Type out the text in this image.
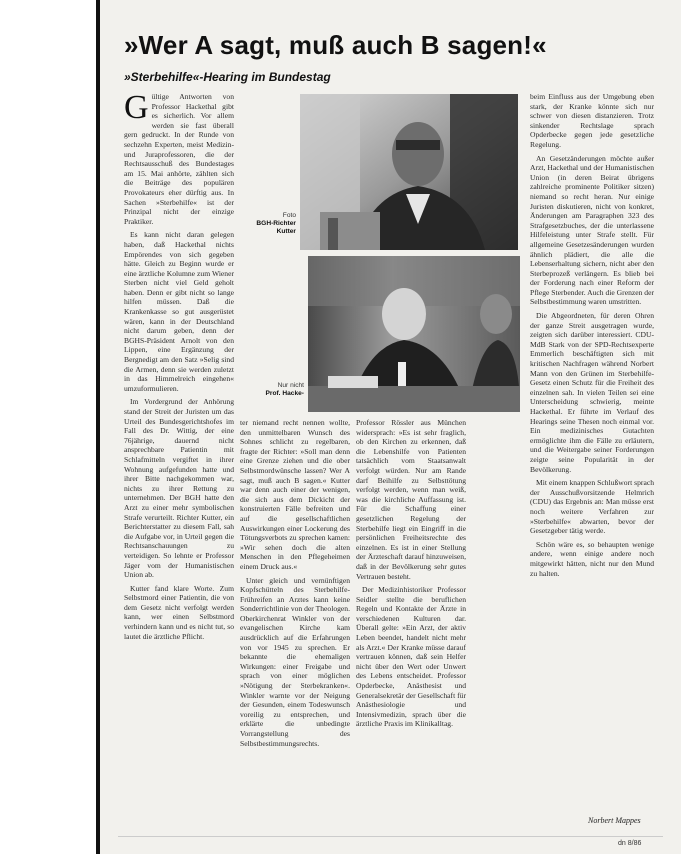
»Wer A sagt, muß auch B sagen!«
»Sterbehilfe«-Hearing im Bundestag

Gültige Antworten von Professor Hackethal gibt es sicherlich. Vor allem werden sie fast überall gern gedruckt. In der Runde von sechzehn Experten, meist Medizin- und Juraprofessoren, die der Rechtsausschuß des Bundestages am 15. Mai anhörte, zählten sich die Beiträge des populären Provokateurs eher dürftig aus. In Sachen »Sterbehilfe« ist der Prinzipal nicht der einzige Praktiker.

Es kann nicht daran gelegen haben, daß Hackethal nichts Empörendes von sich gegeben hätte. Gleich zu Beginn wurde er eine ärztliche Kolumne zum Wiener Sterben nicht viel Geld geholt haben. Denn er gibt nicht so lange hilfen müssen. Daß die Krankenkasse so gut ausgerüstet wären, kann in der Deutschland nicht darum geben, denn der BGHS-Präsident Arnolt von den Lippen, eine Ergänzung der Bergnedigt am den Satz »Selig sind die Armen, denn sie werden zuletzt in das Himmelreich eingehen« umzuformulieren.

Im Vordergrund der Anhörung stand der Streit der Juristen um das Urteil des Bundesgerichtshofes im Fall des Dr. Wittig, der eine 76jährige, dauernd nicht ansprechbare Patientin mit Schlafmitteln vergiftet in ihrer Wohnung aufgefunden hatte und ihrer Bitte nachgekommen war, nichts zu ihrer Rettung zu unternehmen. Der BGH hatte den Arzt zu einer mehr symbolischen Strafe verurteilt. Richter Kutter, ein Berichterstatter zu diesem Fall, sah die Aufgabe vor, in Urteil gegen die Rechtsanschauungen zu verteidigen. So lehnte er Professor Jäger vom der Humanistischen Union ab.

Kutter fand klare Worte. Zum Selbstmord einer Patientin, die von dem Gesetz nicht verfolgt werden kann, wer einen Selbstmord verhindern kann und es nicht tut, so lautet die ärztliche Pflicht.

Foto
BGH-Richter
Kutter
Nur nicht
Prof. Hacke-

ter niemand recht nennen wollte, den unmittelbaren Wunsch des Sohnes schlicht zu regelbaren, fragte der Richter: »Soll man denn eine Grenze ziehen und die ober Selbstmordwünsche lassen? Wer A sagt, muß auch B sagen.« Kutter war denn auch einer der wenigen, die sich aus dem Dickicht der konstruierten Fälle befreiten und auf die gesellschaftlichen Auswirkungen einer Lockerung des Tötungsverbots zu sprechen kamen: »Wir sehen doch die alten Menschen in den Pflegeheimen einem Druck aus.«

Unter gleich und vernünftigen Kopfschütteln des Sterbehilfe-Frühreifen an Arztes kann keine Sonderrichtlinie von der Theologen. Oberkirchenrat Winkler von der evangelischen Kirche kam ausdrücklich auf die Erfahrungen von vor 1945 zu sprechen. Er bekannte die ehemaligen Wirkungen: einer Freigabe und sprach von einer möglichen »Nötigung der Sterbekranken«. Winkler warnte vor der Neigung der Gesunden, einem Todeswunsch voreilig zu entsprechen, und erklärte die unbedingte Vorrangstellung des Selbstbestimmungsrechts.

Professor Rössler aus München widersprach: »Es ist sehr fraglich, ob den Kirchen zu erkennen, daß die Lebenshilfe von Patienten tatsächlich vom Staatsanwalt verfolgt würden. Nur am Rande darf Beihilfe zu Selbsttötung verfolgt werden, wenn man weiß, was die kirchliche Auffassung ist. Für die Schaffung einer gesetzlichen Regelung der Sterbehilfe liegt ein Eingriff in die persönlichen Freiheitsrechte des einzelnen. Es ist in einer Stellung der Ärzteschaft darauf hinzuweisen, daß in der Bevölkerung sehr gutes Vertrauen besteht.

Der Medizinhistoriker Professor Seidler stellte die beruflichen Regeln und Kontakte der Ärzte in verschiedenen Kulturen dar. Überall gelte: »Ein Arzt, der aktiv Leben beendet, handelt nicht mehr als Arzt.« Der Kranke müsse darauf vertrauen können, daß sein Helfer nicht über den Wert oder Unwert des Lebens entscheidet. Professor Opderbecke, Anästhesist und Generalsekretär der Gesellschaft für Anästhesiologie und Intensivmedizin, sprach über die ärztliche Praxis im Klinikalltag.

beim Einfluss aus der Umgebung eben stark, der Kranke könnte sich nur schwer von diesen distanzieren. Trotz sinkender Rechtslage sprach Opderbecke gegen jede gesetzliche Regelung.

An Gesetzänderungen möchte außer Arzt, Hackethal und der Humanistischen Union (in deren Beirat übrigens zahlreiche prominente Politiker sitzen) niemand so recht heran. Nur einige Juristen diskutieren, nicht von konkret, Änderungen am Paragraphen 323 des Strafgesetzbuches, der die unterlassene Hilfeleistung unter Strafe stellt. Für allgemeine Gesetzesänderungen wurden ähnlich plädiert, die alle die Lebenserhaltung sichern, nicht aber den Sterbeprozeß verlängern. Es blieb bei der Forderung nach einer Reform der Pflege Sterbender. Auch die Grenzen der Selbstbestimmung waren umstritten.

Die Abgeordneten, für deren Ohren der ganze Streit ausgetragen wurde, zeigten sich darüber interessiert. CDU-MdB Stark von der SPD-Rechtsexperte Emmerlich beschäftigten sich mit kritischen Nachfragen während Norbert Mann von den Grünen im Sterbehilfe-Gesetz einen Schutz für die Freiheit des einzelnen sah. In vielen Teilen sei eine Unterscheidung schwierig, meinte Hackethal. Er führte im Verlauf des Hearings seine Thesen noch einmal vor. Ein medizinisches Gutachten ermöglichte ihm die Fälle zu erläutern, und die Weitergabe seiner Forderungen zeigte seine Popularität in der Bevölkerung.

Mit einem knappen Schlußwort sprach der Ausschußvorsitzende Helmrich (CDU) das Ergebnis an: Man müsse erst noch weitere Verfahren zur »Sterbehilfe« abwarten, bevor der Gesetzgeber tätig werde.

Schön wäre es, so behaupten wenige andere, wenn einige andere noch mitgewirkt hätten, nicht nur den Mund zu halten.

Norbert Mappes
dn 8/86
